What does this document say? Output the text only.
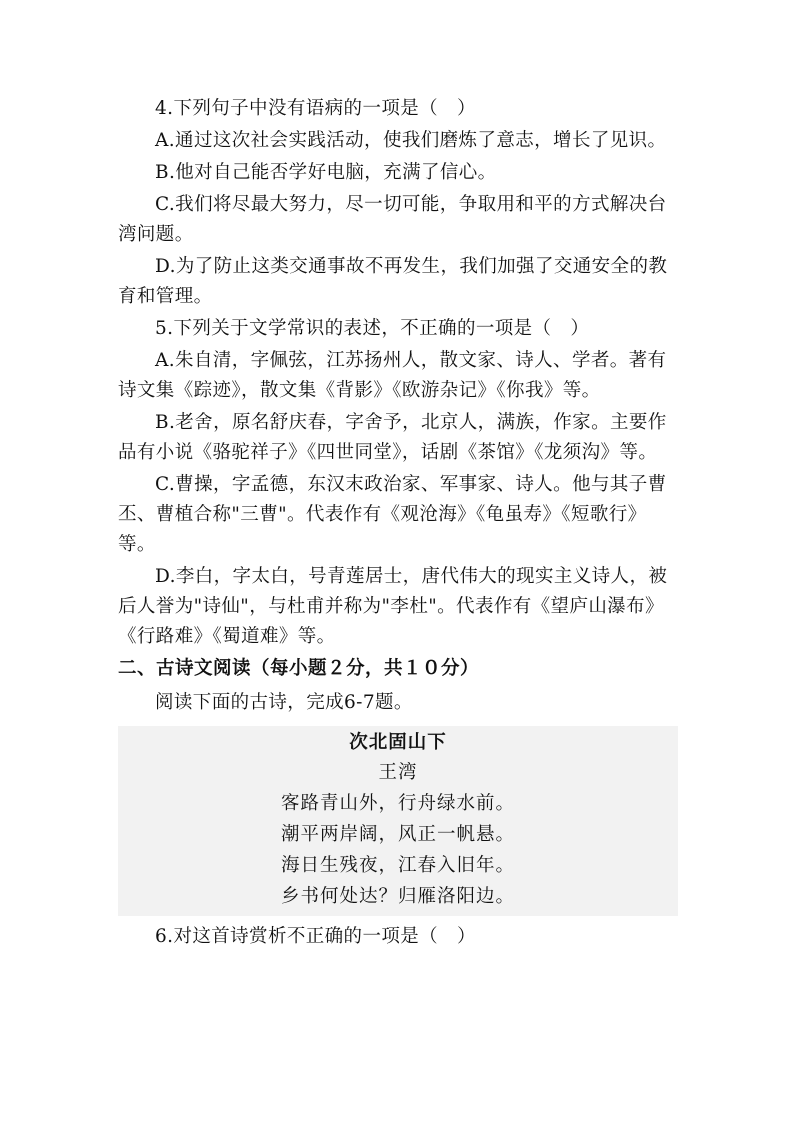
4.下列句子中没有语病的一项是（　）

A.通过这次社会实践活动，使我们磨炼了意志，增长了见识。

B.他对自己能否学好电脑，充满了信心。

C.我们将尽最大努力，尽一切可能，争取用和平的方式解决台湾问题。

D.为了防止这类交通事故不再发生，我们加强了交通安全的教育和管理。

5.下列关于文学常识的表述，不正确的一项是（　）

A.朱自清，字佩弦，江苏扬州人，散文家、诗人、学者。著有诗文集《踪迹》，散文集《背影》《欧游杂记》《你我》等。

B.老舍，原名舒庆春，字舍予，北京人，满族，作家。主要作品有小说《骆驼祥子》《四世同堂》，话剧《茶馆》《龙须沟》等。

C.曹操，字孟德，东汉末政治家、军事家、诗人。他与其子曹丕、曹植合称"三曹"。代表作有《观沧海》《龟虽寿》《短歌行》等。

D.李白，字太白，号青莲居士，唐代伟大的现实主义诗人，被后人誉为"诗仙"，与杜甫并称为"李杜"。代表作有《望庐山瀑布》《行路难》《蜀道难》等。

二、古诗文阅读（每小题２分，共１０分）

阅读下面的古诗，完成6-7题。

次北固山下
王湾
客路青山外，行舟绿水前。
潮平两岸阔，风正一帆悬。
海日生残夜，江春入旧年。
乡书何处达？归雁洛阳边。

6.对这首诗赏析不正确的一项是（　）
